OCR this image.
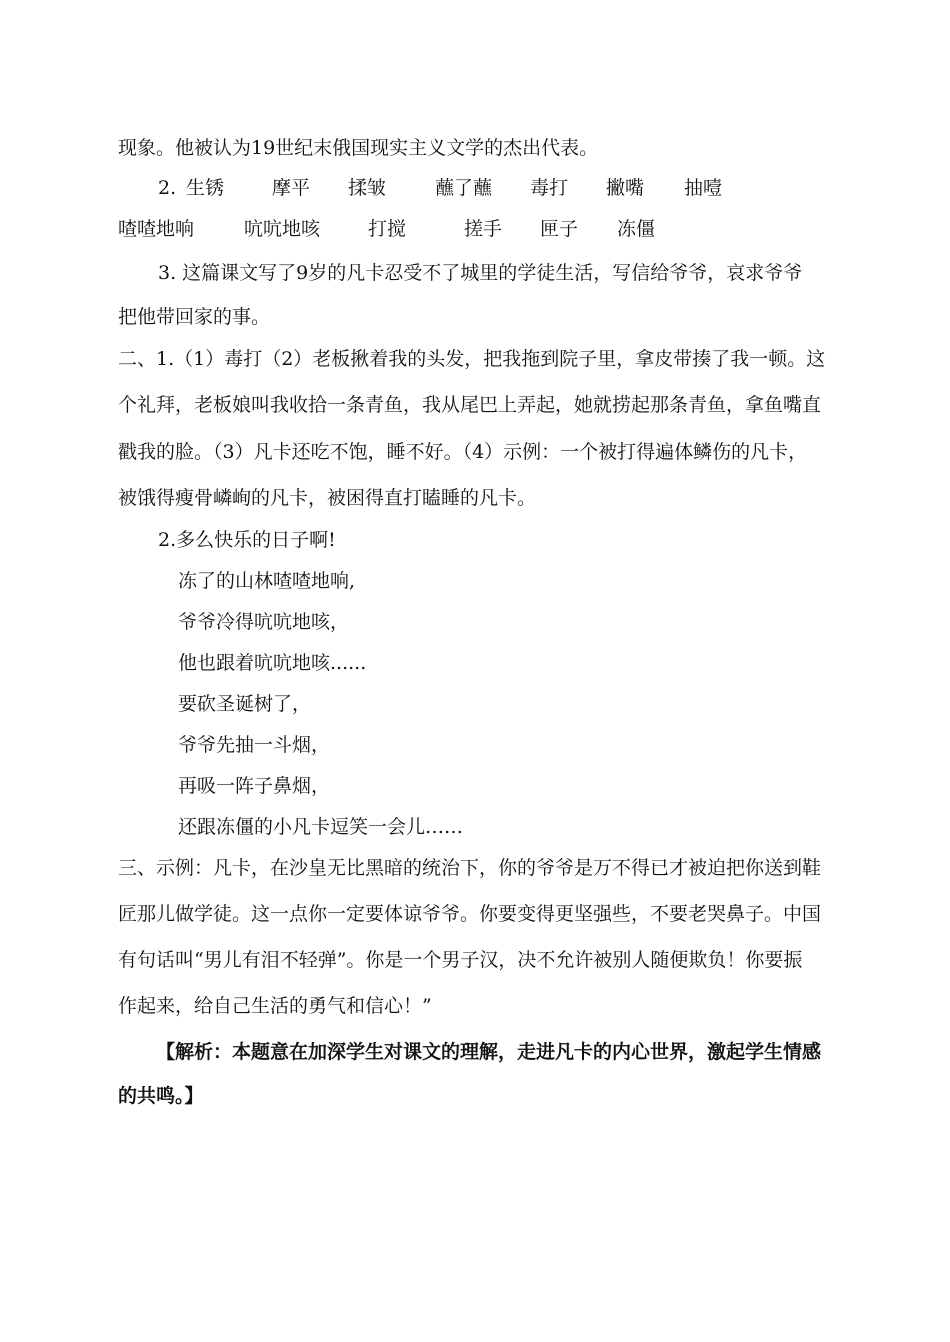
现象。他被认为19世纪末俄国现实主义文学的杰出代表。
2. 生锈	摩平 揉皱	蘸了蘸 毒打 撇嘴 抽噎
喳喳地响	吭吭地咳	打搅	搓手 匣子 冻僵
3. 这篇课文写了9岁的凡卡忍受不了城里的学徒生活，写信给爷爷，哀求爷爷
把他带回家的事。
二、1.（1）毒打（2）老板揪着我的头发，把我拖到院子里，拿皮带揍了我一顿。这
个礼拜，老板娘叫我收拾一条青鱼，我从尾巴上弄起，她就捞起那条青鱼，拿鱼嘴直
戳我的脸。（3）凡卡还吃不饱，睡不好。（4）示例：一个被打得遍体鳞伤的凡卡，
被饿得瘦骨嶙峋的凡卡，被困得直打瞌睡的凡卡。
2.多么快乐的日子啊!
冻了的山林喳喳地响,
爷爷冷得吭吭地咳，
他也跟着吭吭地咳......
要砍圣诞树了，
爷爷先抽一斗烟，
再吸一阵子鼻烟，
还跟冻僵的小凡卡逗笑一会儿……
三、示例：凡卡，在沙皇无比黑暗的统治下，你的爷爷是万不得已才被迫把你送到鞋
匠那儿做学徒。这一点你一定要体谅爷爷。你要变得更坚强些，不要老哭鼻子。中国
有句话叫“男儿有泪不轻弹”。你是一个男子汉，决不允许被别人随便欺负！你要振
作起来，给自己生活的勇气和信心！”
【解析：本题意在加深学生对课文的理解，走进凡卡的内心世界，激起学生情感
的共鸣。】
